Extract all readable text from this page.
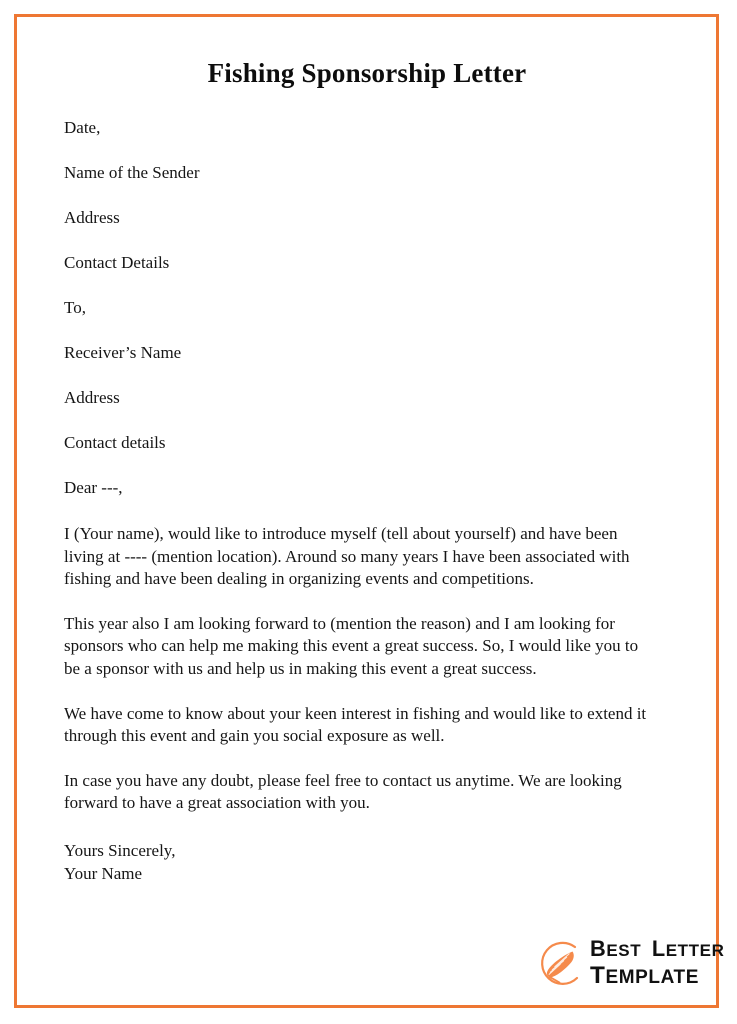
Fishing Sponsorship Letter
Date,
Name of the Sender
Address
Contact Details
To,
Receiver’s Name
Address
Contact details
Dear ---,

I (Your name), would like to introduce myself (tell about yourself) and have been living at ---- (mention location). Around so many years I have been associated with fishing and have been dealing in organizing events and competitions.

This year also I am looking forward to (mention the reason) and I am looking for sponsors who can help me making this event a great success. So, I would like you to be a sponsor with us and help us in making this event a great success.

We have come to know about your keen interest in fishing and would like to extend it through this event and gain you social exposure as well.

In case you have any doubt, please feel free to contact us anytime. We are looking forward to have a great association with you.

Yours Sincerely,
Your Name
BEST LETTER
TEMPLATE
